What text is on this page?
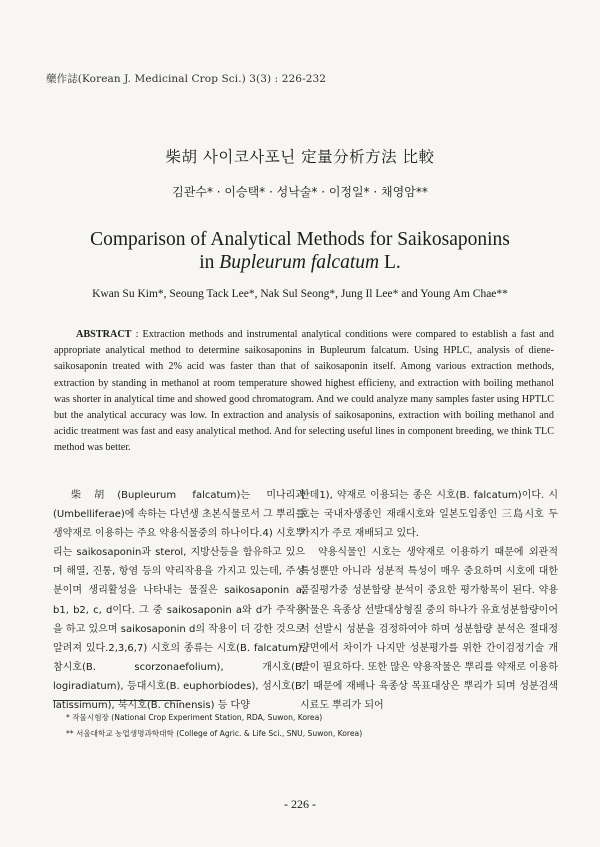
藥作誌(Korean J. Medicinal Crop Sci.) 3(3) : 226-232
柴胡 사이코사포닌 定量分析方法 比較
김관수* · 이승택* · 성낙술* · 이정일* · 채영암**
Comparison of Analytical Methods for Saikosaponins
in Bupleurum falcatum L.
Kwan Su Kim*, Seoung Tack Lee*, Nak Sul Seong*, Jung Il Lee* and Young Am Chae**
ABSTRACT : Extraction methods and instrumental analytical conditions were compared to establish a fast and appropriate analytical method to determine saikosaponins in Bupleurum falcatum. Using HPLC, analysis of diene-saikosaponin treated with 2% acid was faster than that of saikosaponin itself. Among various extraction methods, extraction by standing in methanol at room temperature showed highest efficieny, and extraction with boiling methanol was shorter in analytical time and showed good chromatogram. And we could analyze many samples faster using HPTLC but the analytical accuracy was low. In extraction and analysis of saikosaponins, extraction with boiling methanol and acidic treatment was fast and easy analytical method. And for selecting useful lines in component breeding, we think TLC method was better.

柴胡(Bupleurum falcatum)는 미나리과(Umbelliferae)에 속하는 다년생 초본식물로서 그 뿌리를 생약재로 이용하는 주요 약용식물중의 하나이다.4) 시호뿌리는 saikosaponin과 sterol, 지방산등을 함유하고 있으며 해열, 진통, 항염 등의 약리작용을 가지고 있는데, 주성분이며 생리활성을 나타내는 물질은 saikosaponin a, b1, b2, c, d이다. 그 중 saikosaponin a와 d가 주작용을 하고 있으며 saikosaponin d의 작용이 더 강한 것으로 알려져 있다.2,3,6,7) 시호의 종류는 시호(B. falcatum), 참시호(B. scorzonaefolium), 개시호(B. logiradiatum), 등대시호(B. euphorbiodes), 섬시호(B. latissimum), 북시호(B. chinensis) 등 다양

한데1), 약재로 이용되는 종은 시호(B. falcatum)이다. 시호는 국내자생종인 재래시호와 일본도입종인 三島시호 두가지가 주로 재배되고 있다.

약용식물인 시호는 생약재로 이용하기 때문에 외관적 특성뿐만 아니라 성분적 특성이 매우 중요하며 시호에 대한 품질평가중 성분함량 분석이 중요한 평가항목이 된다. 약용작물은 육종상 선발대상형질 중의 하나가 유효성분함량이어서 선발시 성분을 검정하여야 하며 성분함량 분석은 절대정량면에서 차이가 나지만 성분평가를 위한 간이검정기술 개발이 필요하다. 또한 많은 약용작물은 뿌리를 약재로 이용하기 때문에 재배나 육종상 목표대상은 뿌리가 되며 성분검색시료도 뿌리가 되어

* 작물시험장 (National Crop Experiment Station, RDA, Suwon, Korea)
** 서울대학교 농업생명과학대학 (College of Agric. & Life Sci., SNU, Suwon, Korea)
- 226 -
